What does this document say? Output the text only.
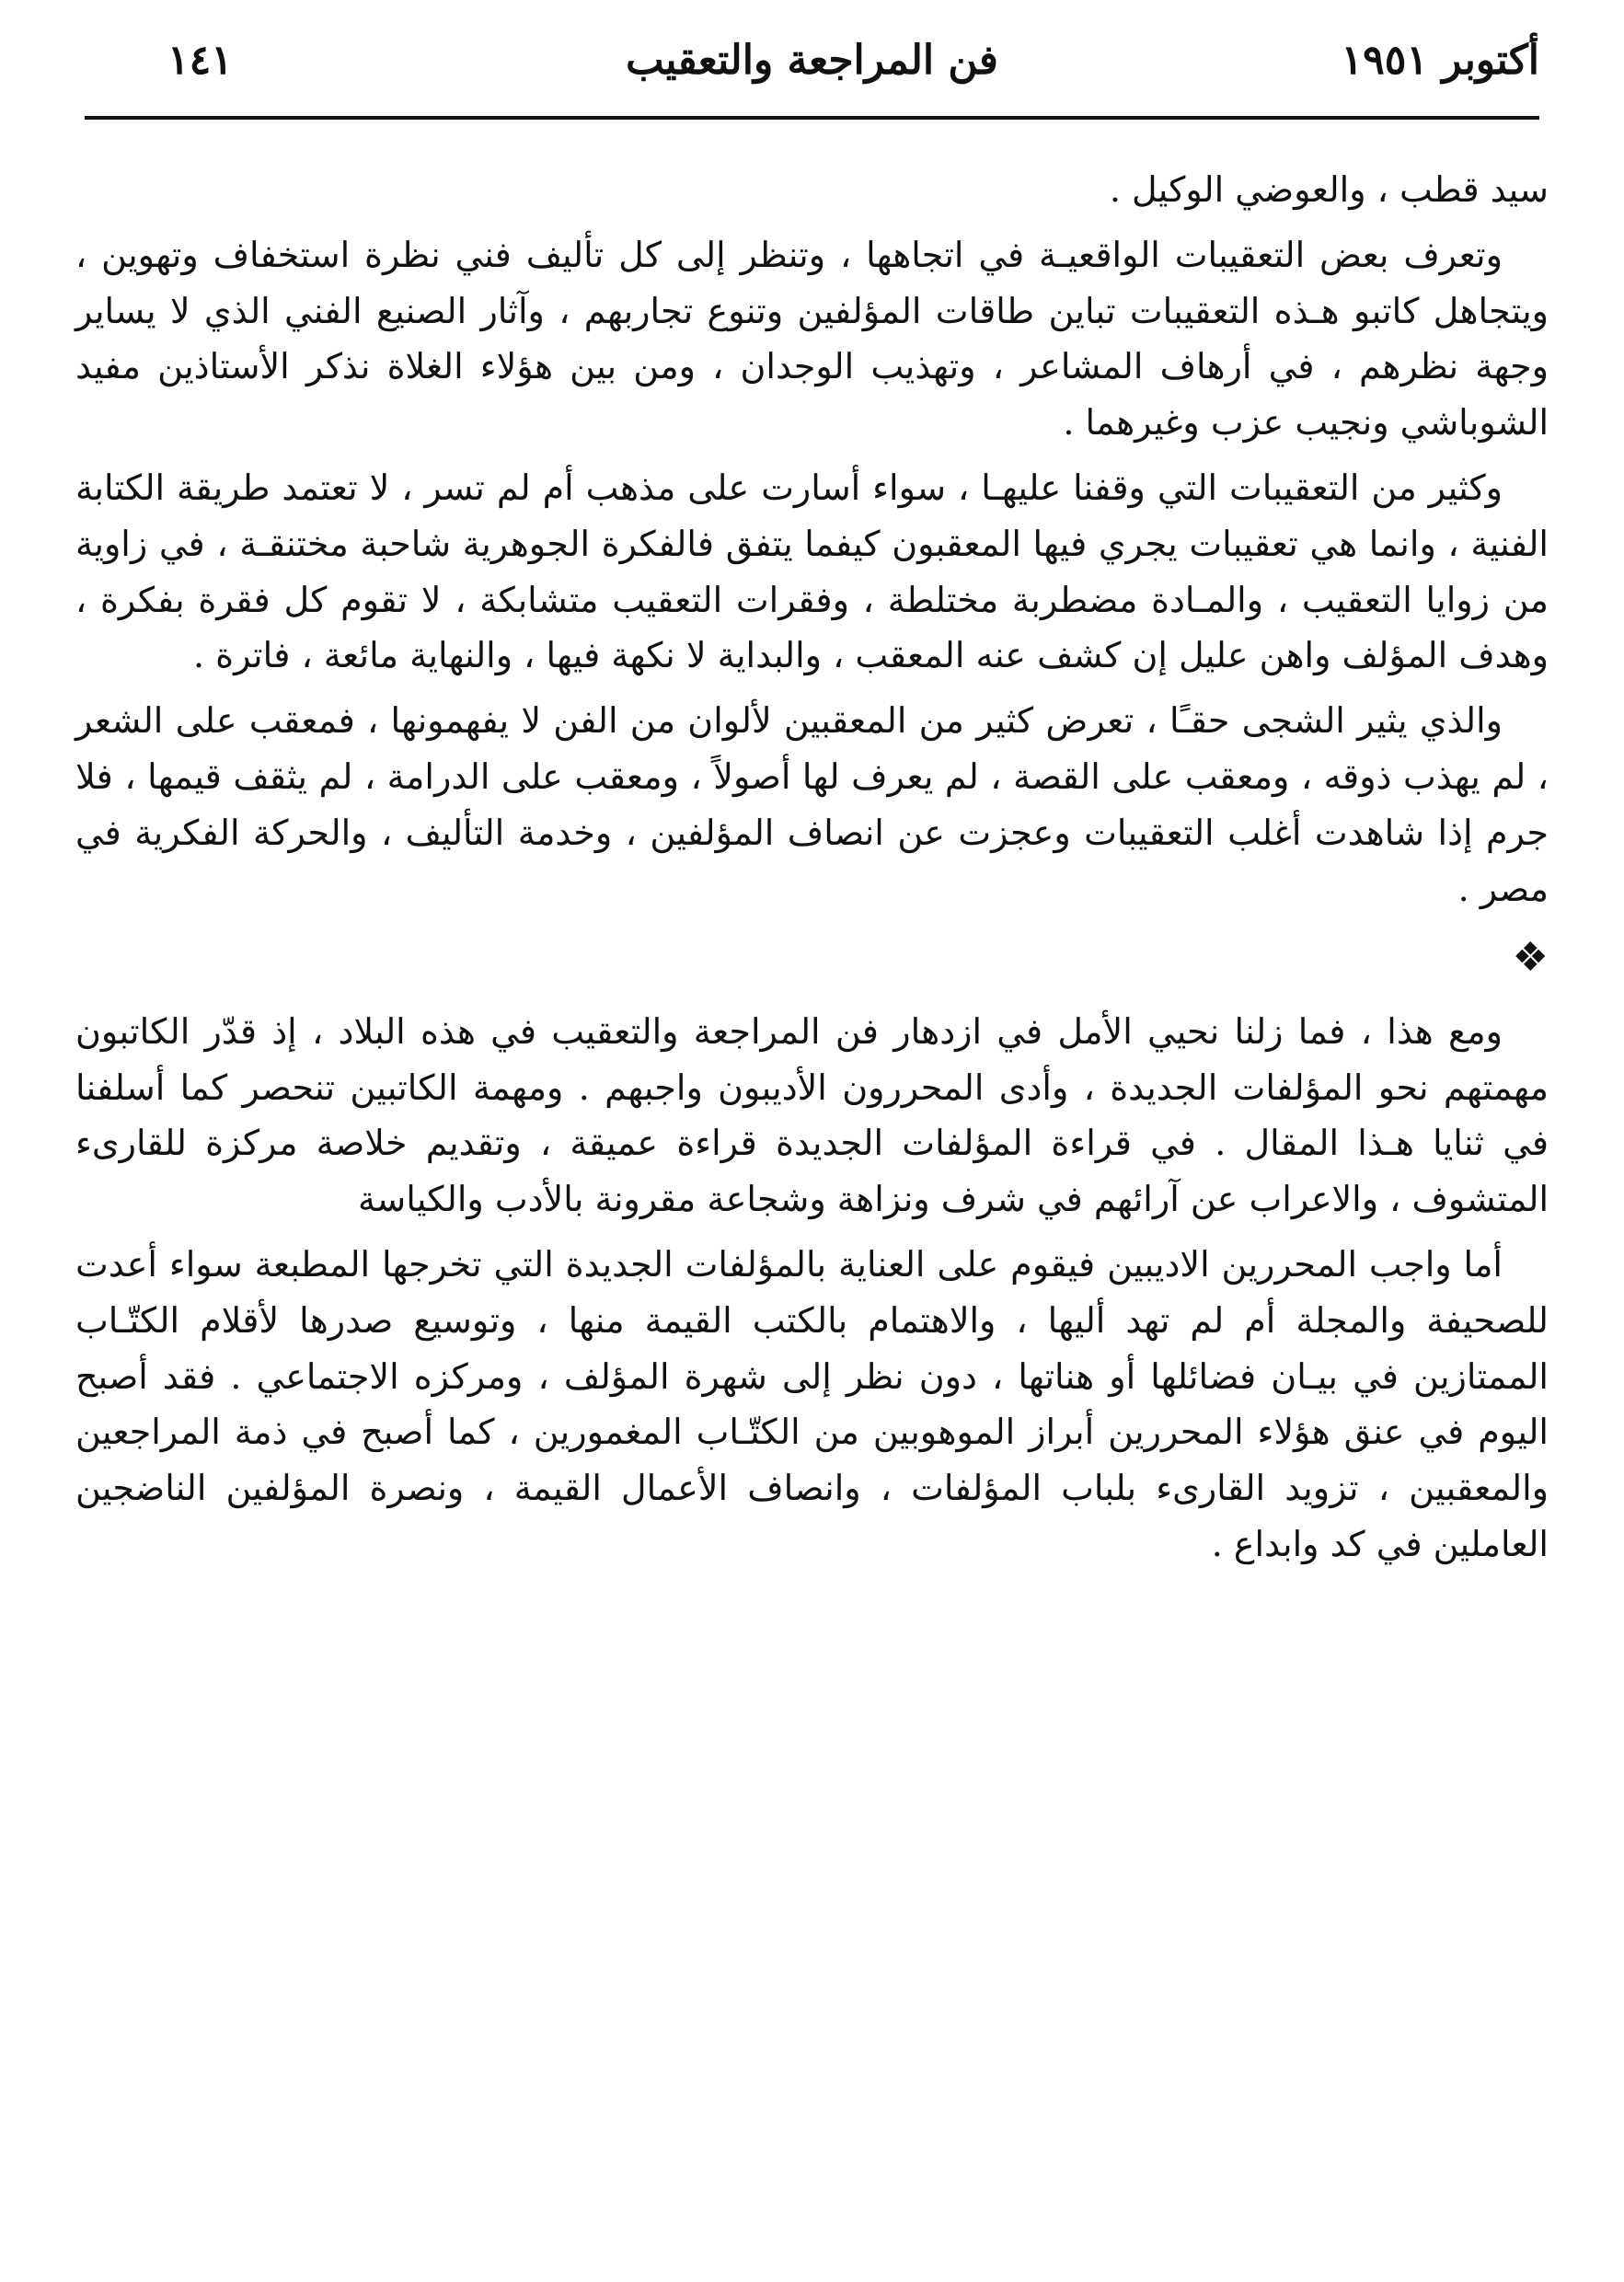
أكتوبر ١٩٥١
فن المراجعة والتعقيب
١٤١

سيد قطب ، والعوضي الوكيل .

وتعرف بعض التعقيبات الواقعيـة في اتجاهها ، وتنظر إلى كل تأليف فني نظرة استخفاف وتهوين ، ويتجاهل كاتبو هـذه التعقيبات تباين طاقات المؤلفين وتنوع تجاربهم ، وآثار الصنيع الفني الذي لا يساير وجهة نظرهم ، في أرهاف المشاعر ، وتهذيب الوجدان ، ومن بين هؤلاء الغلاة نذكر الأستاذين مفيد الشوباشي ونجيب عزب وغيرهما .

وكثير من التعقيبات التي وقفنا عليهـا ، سواء أسارت على مذهب أم لم تسر ، لا تعتمد طريقة الكتابة الفنية ، وانما هي تعقيبات يجري فيها المعقبون كيفما يتفق فالفكرة الجوهرية شاحبة مختنقـة ، في زاوية من زوايا التعقيب ، والمـادة مضطربة مختلطة ، وفقرات التعقيب متشابكة ، لا تقوم كل فقرة بفكرة ، وهدف المؤلف واهن عليل إن كشف عنه المعقب ، والبداية لا نكهة فيها ، والنهاية مائعة ، فاترة .

والذي يثير الشجى حقـًا ، تعرض كثير من المعقبين لألوان من الفن لا يفهمونها ، فمعقب على الشعر ، لم يهذب ذوقه ، ومعقب على القصة ، لم يعرف لها أصولاً ، ومعقب على الدرامة ، لم يثقف قيمها ، فلا جرم إذا شاهدت أغلب التعقيبات وعجزت عن انصاف المؤلفين ، وخدمة التأليف ، والحركة الفكرية في مصر .

❖

ومع هذا ، فما زلنا نحيي الأمل في ازدهار فن المراجعة والتعقيب في هذه البلاد ، إذ قدّر الكاتبون مهمتهم نحو المؤلفات الجديدة ، وأدى المحررون الأديبون واجبهم . ومهمة الكاتبين تنحصر كما أسلفنا في ثنايا هـذا المقال . في قراءة المؤلفات الجديدة قراءة عميقة ، وتقديم خلاصة مركزة للقارىء المتشوف ، والاعراب عن آرائهم في شرف ونزاهة وشجاعة مقرونة بالأدب والكياسة

أما واجب المحررين الاديبين فيقوم على العناية بالمؤلفات الجديدة التي تخرجها المطبعة سواء أعدت للصحيفة والمجلة أم لم تهد أليها ، والاهتمام بالكتب القيمة منها ، وتوسيع صدرها لأقلام الكتّـاب الممتازين في بيـان فضائلها أو هناتها ، دون نظر إلى شهرة المؤلف ، ومركزه الاجتماعي . فقد أصبح اليوم في عنق هؤلاء المحررين أبراز الموهوبين من الكتّـاب المغمورين ، كما أصبح في ذمة المراجعين والمعقبين ، تزويد القارىء بلباب المؤلفات ، وانصاف الأعمال القيمة ، ونصرة المؤلفين الناضجين العاملين في كد وابداع .
